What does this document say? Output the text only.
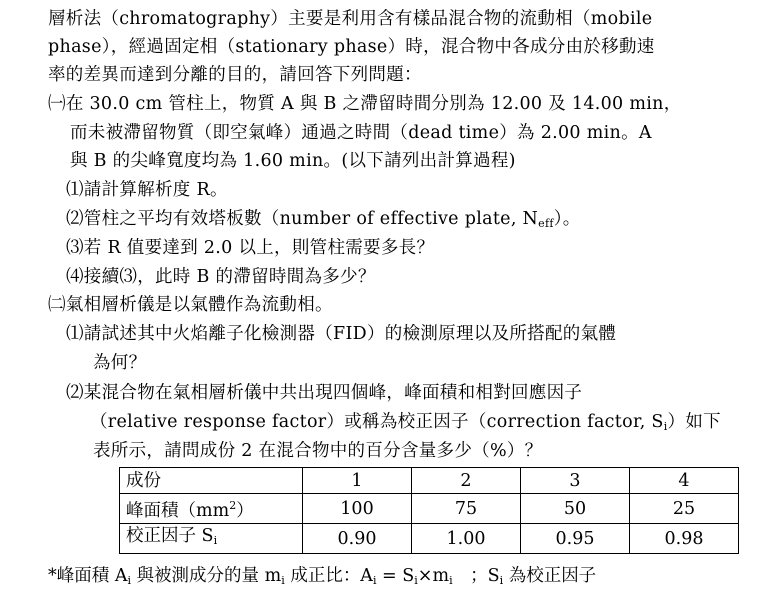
層析法（chromatography）主要是利用含有樣品混合物的流動相（mobile
phase），經過固定相（stationary phase）時，混合物中各成分由於移動速
率的差異而達到分離的目的，請回答下列問題：
㈠在 30.0 cm 管柱上，物質 A 與 B 之滯留時間分別為 12.00 及 14.00 min，
而未被滯留物質（即空氣峰）通過之時間（dead time）為 2.00 min。A
與 B 的尖峰寬度均為 1.60 min。(以下請列出計算過程)
⑴請計算解析度 R。
⑵管柱之平均有效塔板數（number of effective plate, $N_{eff}$）。
⑶若 R 值要達到 2.0 以上，則管柱需要多長？
⑷接續⑶，此時 B 的滯留時間為多少？
㈡氣相層析儀是以氣體作為流動相。
⑴請試述其中火焰離子化檢測器（FID）的檢測原理以及所搭配的氣體
為何？
⑵某混合物在氣相層析儀中共出現四個峰，峰面積和相對回應因子
（relative response factor）或稱為校正因子（correction factor, $S_i$）如下
表所示，請問成份 2 在混合物中的百分含量多少（%）？
成份	1	2	3	4
峰面積$(mm^2)$	100	75	50	25
校正因子 $S_i$	0.90	1.00	0.95	0.98
*峰面積 $A_i$ 與被測成分的量 $m_i$ 成正比：$A_i = S_i\times m_i$　；$S_i$ 為校正因子
